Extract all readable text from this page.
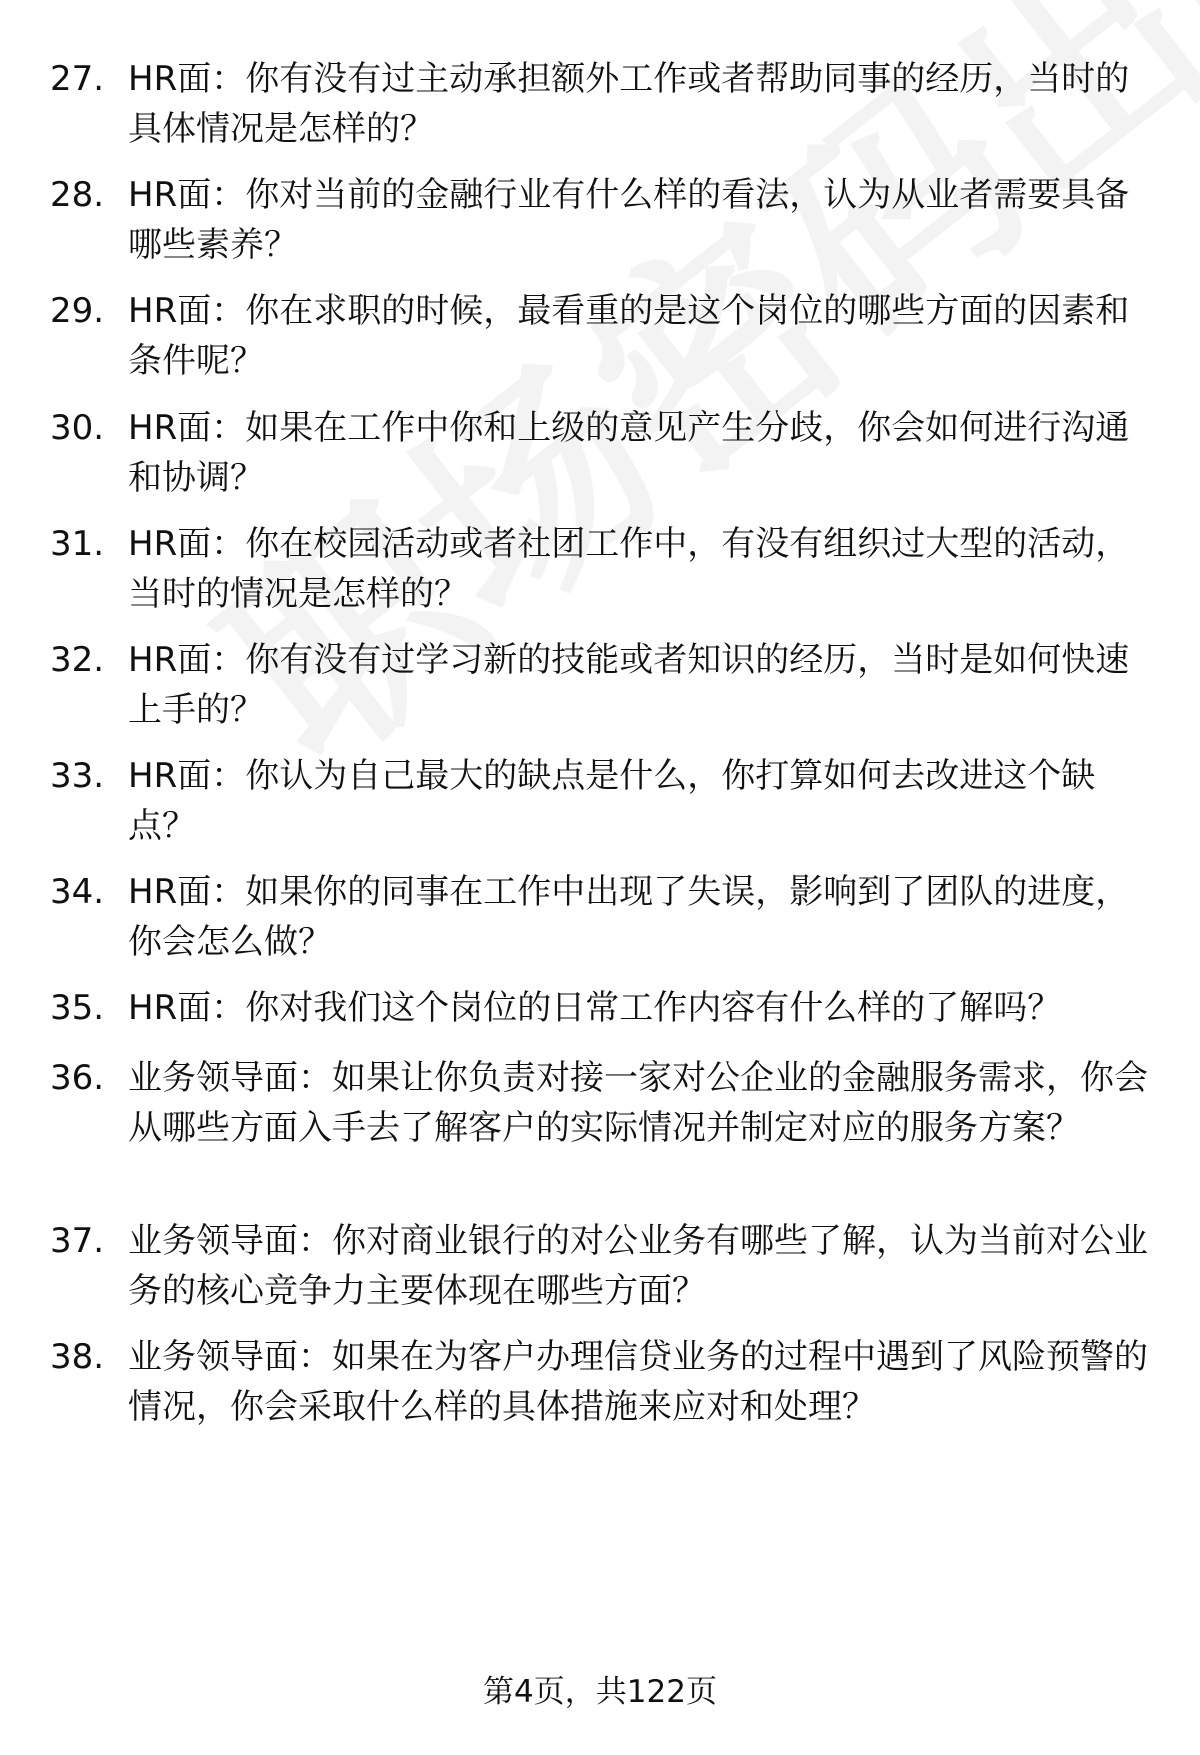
27. HR面：你有没有过主动承担额外工作或者帮助同事的经历，当时的具体情况是怎样的？
28. HR面：你对当前的金融行业有什么样的看法，认为从业者需要具备哪些素养？
29. HR面：你在求职的时候，最看重的是这个岗位的哪些方面的因素和条件呢？
30. HR面：如果在工作中你和上级的意见产生分歧，你会如何进行沟通和协调？
31. HR面：你在校园活动或者社团工作中，有没有组织过大型的活动，当时的情况是怎样的？
32. HR面：你有没有过学习新的技能或者知识的经历，当时是如何快速上手的？
33. HR面：你认为自己最大的缺点是什么，你打算如何去改进这个缺点？
34. HR面：如果你的同事在工作中出现了失误，影响到了团队的进度，你会怎么做？
35. HR面：你对我们这个岗位的日常工作内容有什么样的了解吗？
36. 业务领导面：如果让你负责对接一家对公企业的金融服务需求，你会从哪些方面入手去了解客户的实际情况并制定对应的服务方案？
37. 业务领导面：你对商业银行的对公业务有哪些了解，认为当前对公业务的核心竞争力主要体现在哪些方面？
38. 业务领导面：如果在为客户办理信贷业务的过程中遇到了风险预警的情况，你会采取什么样的具体措施来应对和处理？
第4页，共122页
